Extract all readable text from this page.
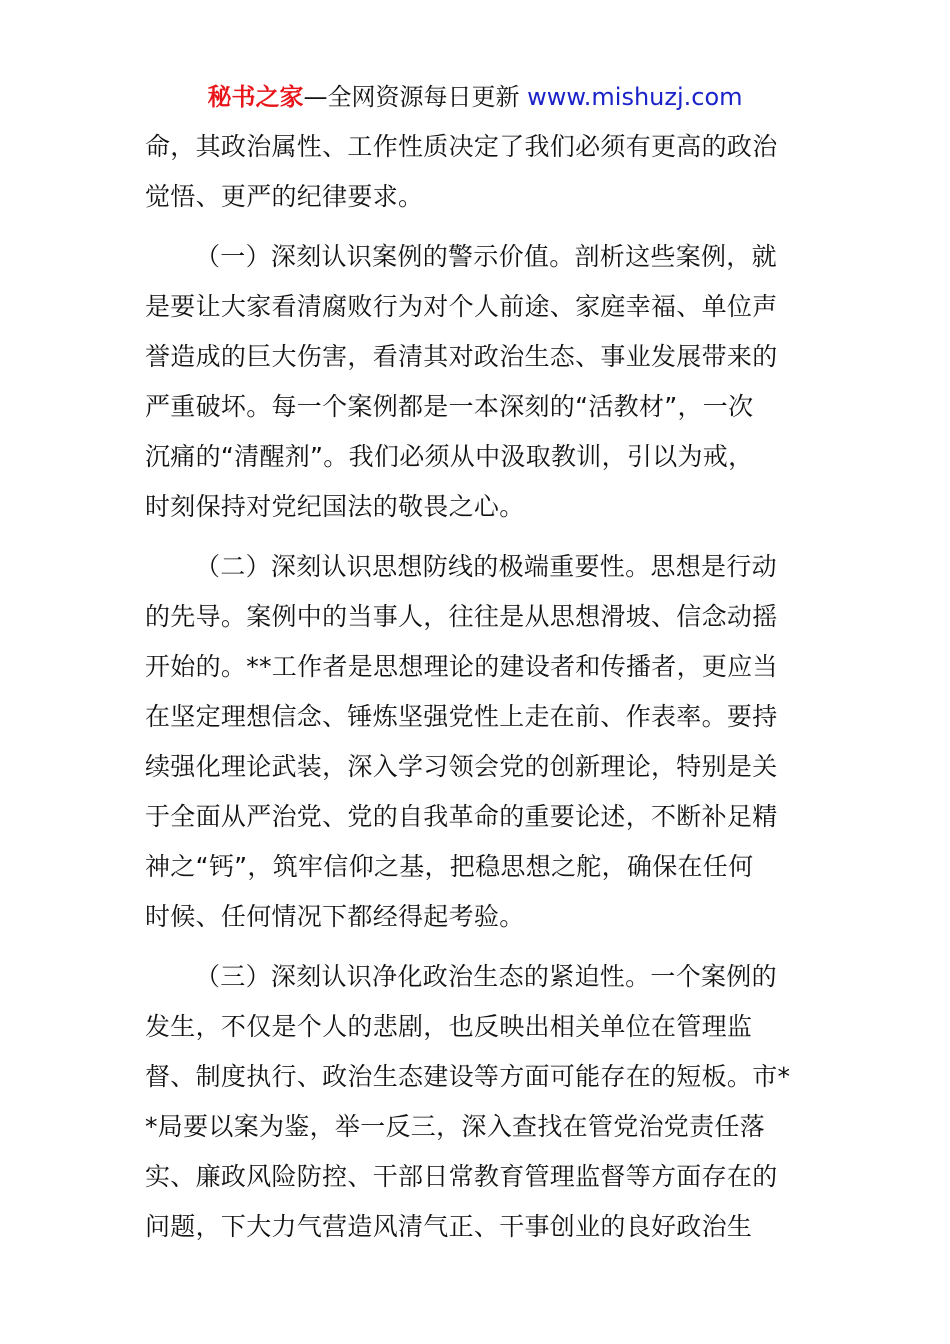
秘书之家—全网资源每日更新 www.mishuzj.com
命，其政治属性、工作性质决定了我们必须有更高的政治
觉悟、更严的纪律要求。
（一）深刻认识案例的警示价值。剖析这些案例，就
是要让大家看清腐败行为对个人前途、家庭幸福、单位声
誉造成的巨大伤害，看清其对政治生态、事业发展带来的
严重破坏。每一个案例都是一本深刻的“活教材”，一次
沉痛的“清醒剂”。我们必须从中汲取教训，引以为戒，
时刻保持对党纪国法的敬畏之心。
（二）深刻认识思想防线的极端重要性。思想是行动
的先导。案例中的当事人，往往是从思想滑坡、信念动摇
开始的。**工作者是思想理论的建设者和传播者，更应当
在坚定理想信念、锤炼坚强党性上走在前、作表率。要持
续强化理论武装，深入学习领会党的创新理论，特别是关
于全面从严治党、党的自我革命的重要论述，不断补足精
神之“钙”，筑牢信仰之基，把稳思想之舵，确保在任何
时候、任何情况下都经得起考验。
（三）深刻认识净化政治生态的紧迫性。一个案例的
发生，不仅是个人的悲剧，也反映出相关单位在管理监
督、制度执行、政治生态建设等方面可能存在的短板。市*
*局要以案为鉴，举一反三，深入查找在管党治党责任落
实、廉政风险防控、干部日常教育管理监督等方面存在的
问题，下大力气营造风清气正、干事创业的良好政治生
